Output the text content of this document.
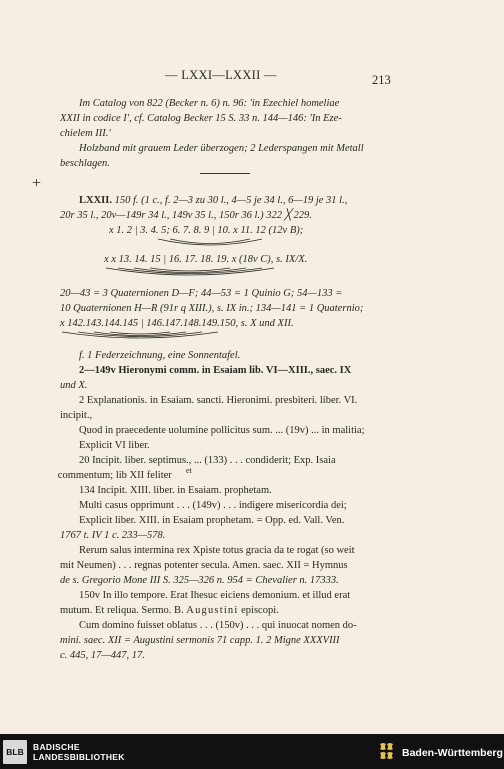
— LXXI—LXXII —	213
+

Im Catalog von 822 (Becker n. 6) n. 96: 'in Ezechiel homeliae

XXII in codice I', cf. Catalog Becker 15 S. 33 n. 144—146: 'In Eze-

chielem III.'

Holzband mit grauem Leder überzogen; 2 Lederspangen mit Metall

beschlagen.

LXXII. 150 f. (1 c., f. 2—3 zu 30 l., 4—5 je 34 l., 6—19 je 31 l.,

20r 35 l., 20v—149r 34 l., 149v 35 l., 150r 36 l.) 322 ╳ 229.

x 1. 2 | 3. 4. 5; 6. 7. 8. 9 | 10. x 11. 12 (12v B);

x x 13. 14. 15 | 16. 17. 18. 19. x (18v C), s. IX/X.

20—43 = 3 Quaternionen D—F; 44—53 = 1 Quinio G; 54—133 =

10 Quaternionen H—R (91r q XIII.), s. IX in.; 134—141 = 1 Quaternio;

x 142.143.144.145 | 146.147.148.149.150, s. X und XII.

f. 1 Federzeichnung, eine Sonnentafel.

2—149v Hieronymi comm. in Esaiam lib. VI—XIII., saec. IX

und X.

2 Explanationis. in Esaiam. sancti. Hieronimi. presbiteri. liber. VI.

incipit.,

Quod in praecedente uolumine pollicitus sum. ... (19v) ... in malitia;

Explicit VI liber.

20 Incipit. liber. septimus., ... (133) . . . condiderit; Exp. Isaia

$^{et}$commentum; lib XII feliter

134 Incipit. XIII. liber. in Esaiam. prophetam.

Multi casus opprimunt . . . (149v) . . . indigere misericordia dei;

Explicit liber. XIII. in Esaiam prophetam. = Opp. ed. Vall. Ven.

1767 t. IV 1 c. 233—578.

Rerum salus intermina rex Xpiste totus gracia da te rogat (so weit

mit Neumen) . . . regnas potenter secula. Amen. saec. XII = Hymnus

de s. Gregorio Mone III S. 325—326 n. 954 = Chevalier n. 17333.

150v In illo tempore. Erat Ihesuc eiciens demonium. et illud erat

mutum. Et reliqua. Sermo. B. Augustini episcopi.

Cum domino fuisset oblatus . . . (150v) . . . qui inuocat nomen do-

mini. saec. XII = Augustini sermonis 71 capp. 1. 2 Migne XXXVIII

c. 445, 17—447, 17.

BLB	BADISCHE
LANDESBIBLIOTHEK	Baden-Württemberg
